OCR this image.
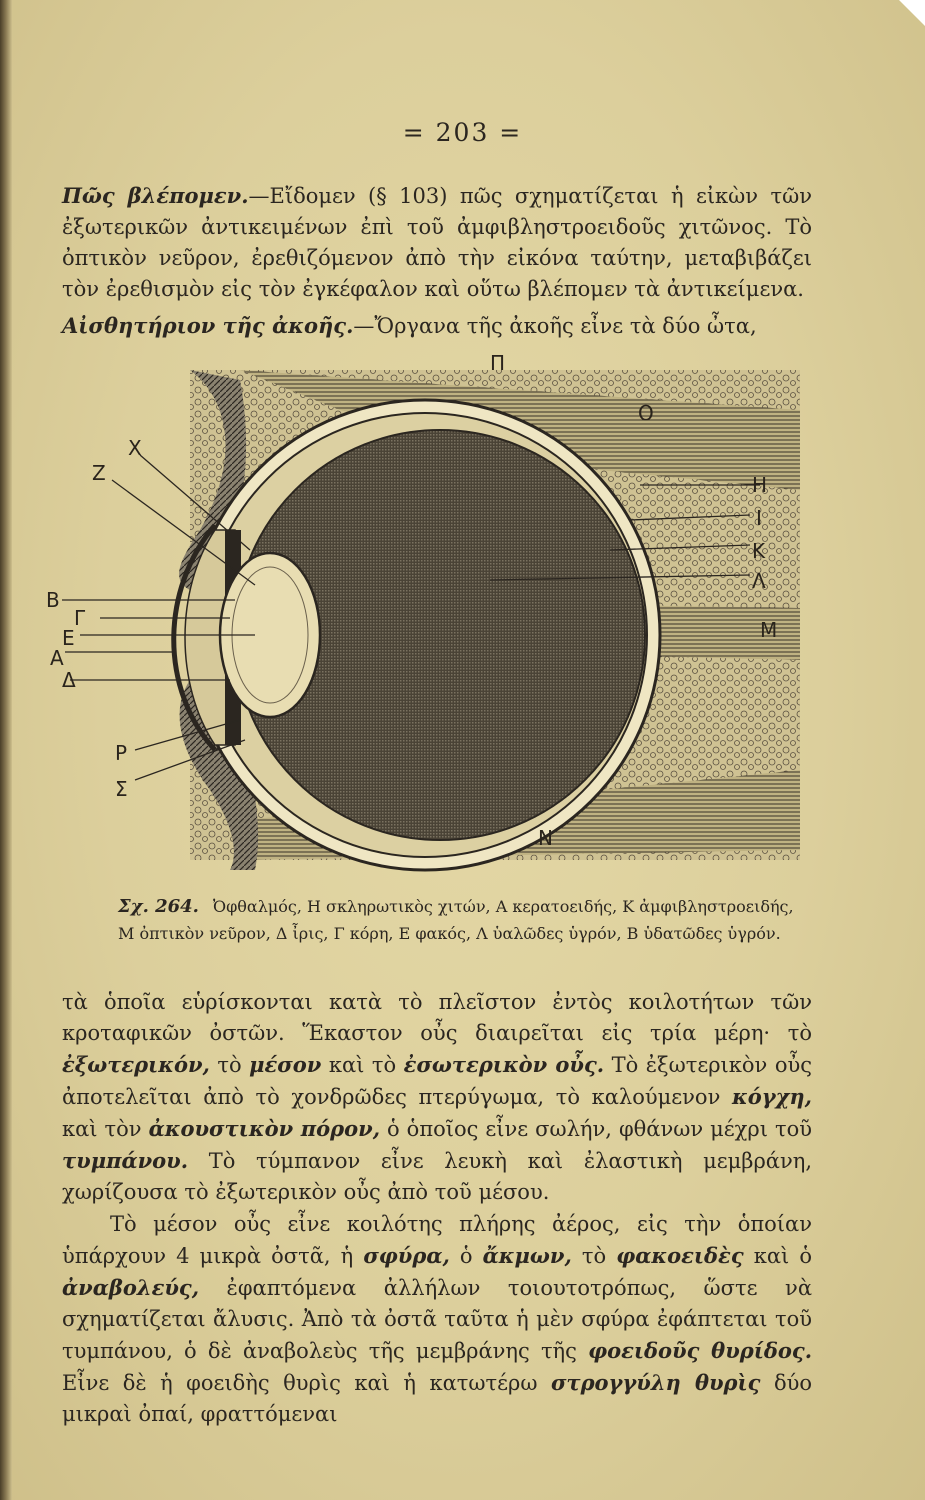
= 203 =
Πῶς βλέπομεν.—Εἴδομεν (§ 103) πῶς σχηματίζεται ἡ εἰκὼν τῶν ἐξωτερικῶν ἀντικειμένων ἐπὶ τοῦ ἀμφιβληστροειδοῦς χιτῶνος. Τὸ ὀπτικὸν νεῦρον, ἐρεθιζόμενον ἀπὸ τὴν εἰκόνα ταύτην, μεταβιβάζει τὸν ἐρεθισμὸν εἰς τὸν ἐγκέφαλον καὶ οὕτω βλέπομεν τὰ ἀντικείμενα.
Αἰσθητήριον τῆς ἀκοῆς.—Ὄργανα τῆς ἀκοῆς εἶνε τὰ δύο ὦτα,
Π
Ο
Χ
Ζ	Η
Ι
Κ
Λ
Μ
Β
Γ
Ε
Α
Δ
Ρ
Σ
Ν
Σχ. 264. Ὀφθαλμός, Η σκληρωτικὸς χιτών, Α κερατοειδής, Κ ἀμφιβληστροειδής, Μ ὀπτικὸν νεῦρον, Δ ἶρις, Γ κόρη, Ε φακός, Λ ὑαλῶδες ὑγρόν, Β ὑδατῶδες ὑγρόν.
τὰ ὁποῖα εὑρίσκονται κατὰ τὸ πλεῖστον ἐντὸς κοιλοτήτων τῶν κροταφικῶν ὀστῶν. Ἕκαστον οὖς διαιρεῖται εἰς τρία μέρη· τὸ ἐξωτερικόν, τὸ μέσον καὶ τὸ ἐσωτερικὸν οὖς. Τὸ ἐξωτερικὸν οὖς ἀποτελεῖται ἀπὸ τὸ χονδρῶδες πτερύγωμα, τὸ καλούμενον κόγχη, καὶ τὸν ἀκουστικὸν πόρον, ὁ ὁποῖος εἶνε σωλήν, φθάνων μέχρι τοῦ τυμπάνου. Τὸ τύμπανον εἶνε λευκὴ καὶ ἐλαστικὴ μεμβράνη, χωρίζουσα τὸ ἐξωτερικὸν οὖς ἀπὸ τοῦ μέσου.
Τὸ μέσον οὖς εἶνε κοιλότης πλήρης ἀέρος, εἰς τὴν ὁποίαν ὑπάρχουν 4 μικρὰ ὀστᾶ, ἡ σφύρα, ὁ ἄκμων, τὸ φακοειδὲς καὶ ὁ ἀναβολεύς, ἐφαπτόμενα ἀλλήλων τοιουτοτρόπως, ὥστε νὰ σχηματίζεται ἄλυσις. Ἀπὸ τὰ ὀστᾶ ταῦτα ἡ μὲν σφύρα ἐφάπτεται τοῦ τυμπάνου, ὁ δὲ ἀναβολεὺς τῆς μεμβράνης τῆς φοειδοῦς θυρίδος. Εἶνε δὲ ἡ φοειδὴς θυρὶς καὶ ἡ κατωτέρω στρογγύλη θυρὶς δύο μικραὶ ὀπαί, φραττόμεναι
